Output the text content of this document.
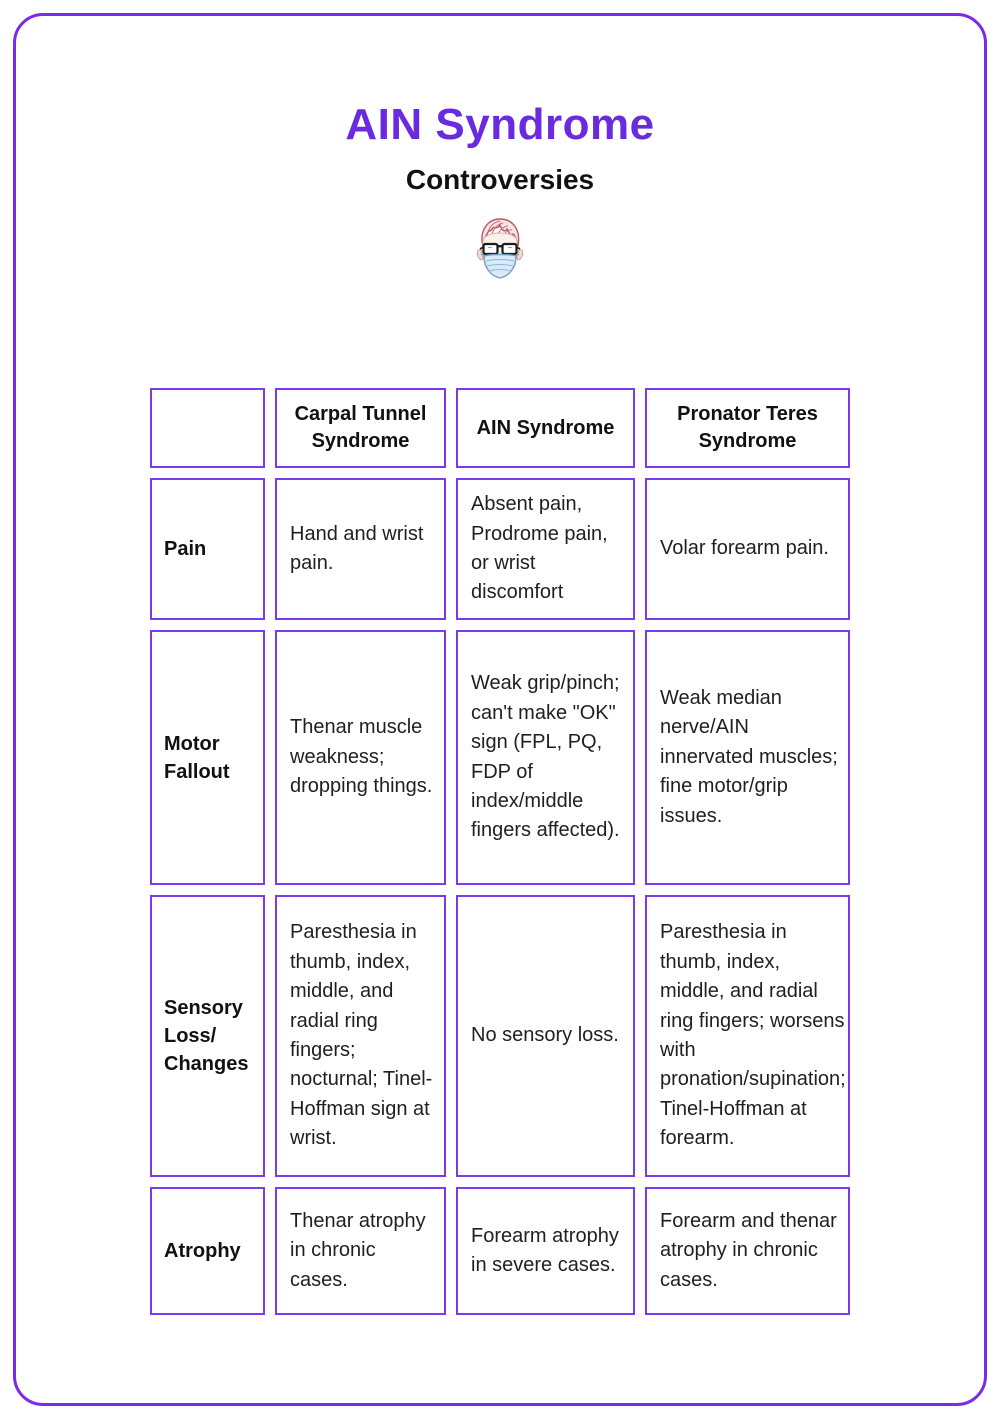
AIN Syndrome
Controversies
Carpal Tunnel Syndrome
AIN Syndrome
Pronator Teres Syndrome
Pain
Hand and wrist pain.
Absent pain, Prodrome pain, or wrist discomfort
Volar forearm pain.
Motor Fallout
Thenar muscle weakness; dropping things.
Weak grip/pinch; can't make "OK" sign (FPL, PQ, FDP of index/middle fingers affected).
Weak median nerve/AIN innervated muscles; fine motor/grip issues.
Sensory Loss/ Changes
Paresthesia in thumb, index, middle, and radial ring fingers; nocturnal; Tinel-Hoffman sign at wrist.
No sensory loss.
Paresthesia in thumb, index, middle, and radial ring fingers; worsens with pronation/supination; Tinel-Hoffman at forearm.
Atrophy
Thenar atrophy in chronic cases.
Forearm atrophy in severe cases.
Forearm and thenar atrophy in chronic cases.
